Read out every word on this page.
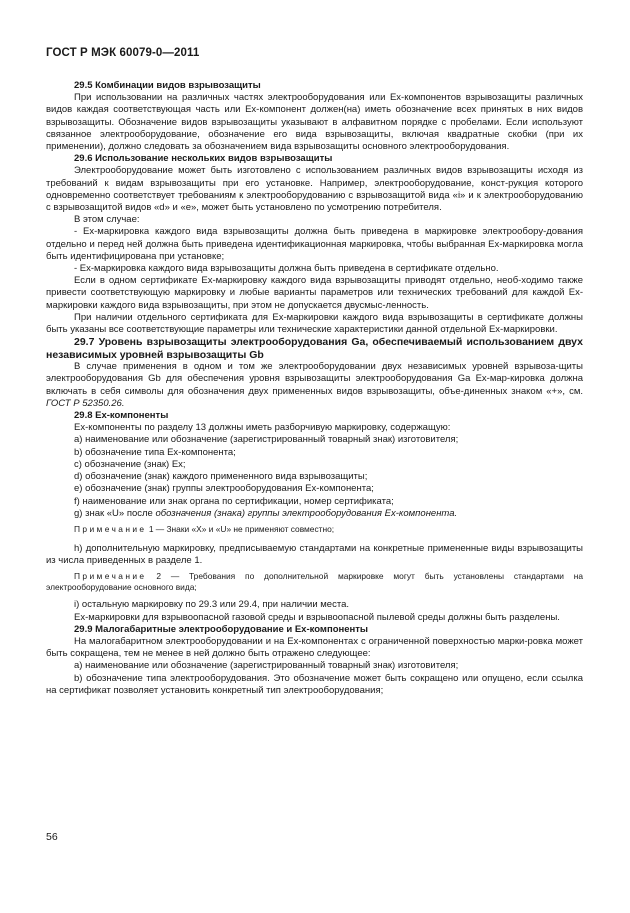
ГОСТ Р МЭК 60079-0—2011

29.5 Комбинации видов взрывозащиты

При использовании на различных частях электрооборудования или Ex-компонентов взрывозащиты различных видов каждая соответствующая часть или Ex-компонент должен(на) иметь обозначение всех принятых в них видов взрывозащиты. Обозначение видов взрывозащиты указывают в алфавитном порядке с пробелами. Если используют связанное электрооборудование, обозначение его вида взрывозащиты, включая квадратные скобки (при их применении), должно следовать за обозначением вида взрывозащиты основного электрооборудования.

29.6 Использование нескольких видов взрывозащиты

Электрооборудование может быть изготовлено с использованием различных видов взрывозащиты исходя из требований к видам взрывозащиты при его установке. Например, электрооборудование, конст-рукция которого одновременно соответствует требованиям к электрооборудованию с взрывозащитой вида «i» и к электрооборудованию с взрывозащитой видов «d» и «e», может быть установлено по усмотрению потребителя.

В этом случае:

- Ex-маркировка каждого вида взрывозащиты должна быть приведена в маркировке электрообору-дования отдельно и перед ней должна быть приведена идентификационная маркировка, чтобы выбранная Ex-маркировка могла быть идентифицирована при установке;

- Ex-маркировка каждого вида взрывозащиты должна быть приведена в сертификате отдельно.

Если в одном сертификате Ex-маркировку каждого вида взрывозащиты приводят отдельно, необ-ходимо также привести соответствующую маркировку и любые варианты параметров или технических требований для каждой Ex-маркировки каждого вида взрывозащиты, при этом не допускается двусмыс-ленность.

При наличии отдельного сертификата для Ex-маркировки каждого вида взрывозащиты в сертификате должны быть указаны все соответствующие параметры или технические характеристики данной отдельной Ex-маркировки.

29.7 Уровень взрывозащиты электрооборудования Ga, обеспечиваемый использованием двух независимых уровней взрывозащиты Gb

В случае применения в одном и том же электрооборудовании двух независимых уровней взрывоза-щиты электрооборудования Gb для обеспечения уровня взрывозащиты электрооборудования Ga Ex-мар-кировка должна включать в себя символы для обозначения двух примененных видов взрывозащиты, объе-диненных знаком «+», см. ГОСТ Р 52350.26.

29.8 Ex-компоненты

Ex-компоненты по разделу 13 должны иметь разборчивую маркировку, содержащую:

a) наименование или обозначение (зарегистрированный товарный знак) изготовителя;

b) обозначение типа Ex-компонента;

c) обозначение (знак) Ex;

d) обозначение (знак) каждого примененного вида взрывозащиты;

e) обозначение (знак) группы электрооборудования Ex-компонента;

f) наименование или знак органа по сертификации, номер сертификата;

g) знак «U» после обозначения (знака) группы электрооборудования Ex-компонента.

Примечание 1 — Знаки «X» и «U» не применяют совместно;

h) дополнительную маркировку, предписываемую стандартами на конкретные примененные виды взрывозащиты из числа приведенных в разделе 1.

Примечание 2 — Требования по дополнительной маркировке могут быть установлены стандартами на электрооборудование основного вида;

i) остальную маркировку по 29.3 или 29.4, при наличии места.

Ex-маркировки для взрывоопасной газовой среды и взрывоопасной пылевой среды должны быть разделены.

29.9 Малогабаритные электрооборудование и Ex-компоненты

На малогабаритном электрооборудовании и на Ex-компонентах с ограниченной поверхностью марки-ровка может быть сокращена, тем не менее в ней должно быть отражено следующее:

a) наименование или обозначение (зарегистрированный товарный знак) изготовителя;

b) обозначение типа электрооборудования. Это обозначение может быть сокращено или опущено, если ссылка на сертификат позволяет установить конкретный тип электрооборудования;

56
